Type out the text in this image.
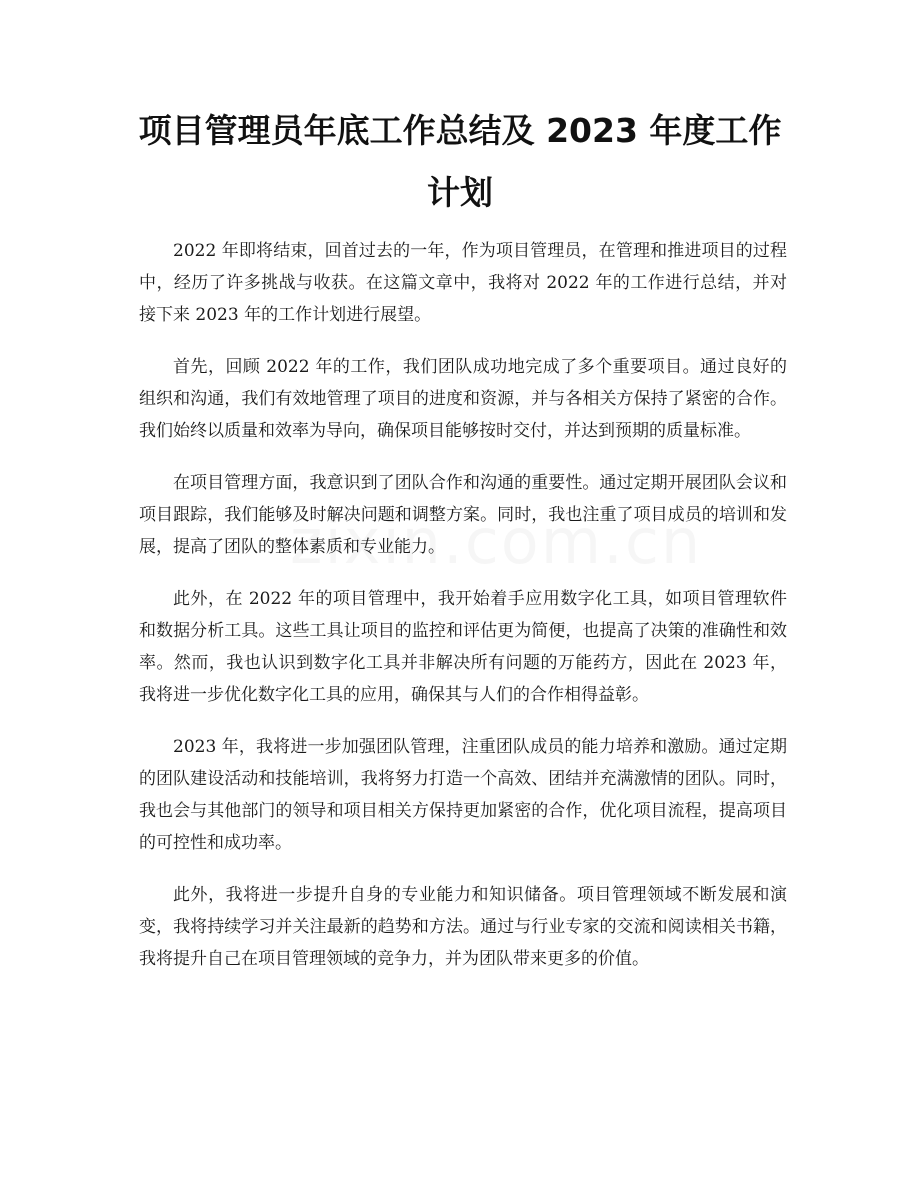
项目管理员年底工作总结及 2023 年度工作计划

2022 年即将结束，回首过去的一年，作为项目管理员，在管理和推进项目的过程中，经历了许多挑战与收获。在这篇文章中，我将对 2022 年的工作进行总结，并对接下来 2023 年的工作计划进行展望。

首先，回顾 2022 年的工作，我们团队成功地完成了多个重要项目。通过良好的组织和沟通，我们有效地管理了项目的进度和资源，并与各相关方保持了紧密的合作。我们始终以质量和效率为导向，确保项目能够按时交付，并达到预期的质量标准。

在项目管理方面，我意识到了团队合作和沟通的重要性。通过定期开展团队会议和项目跟踪，我们能够及时解决问题和调整方案。同时，我也注重了项目成员的培训和发展，提高了团队的整体素质和专业能力。

此外，在 2022 年的项目管理中，我开始着手应用数字化工具，如项目管理软件和数据分析工具。这些工具让项目的监控和评估更为简便，也提高了决策的准确性和效率。然而，我也认识到数字化工具并非解决所有问题的万能药方，因此在 2023 年，我将进一步优化数字化工具的应用，确保其与人们的合作相得益彰。

2023 年，我将进一步加强团队管理，注重团队成员的能力培养和激励。通过定期的团队建设活动和技能培训，我将努力打造一个高效、团结并充满激情的团队。同时，我也会与其他部门的领导和项目相关方保持更加紧密的合作，优化项目流程，提高项目的可控性和成功率。

此外，我将进一步提升自身的专业能力和知识储备。项目管理领域不断发展和演变，我将持续学习并关注最新的趋势和方法。通过与行业专家的交流和阅读相关书籍，我将提升自己在项目管理领域的竞争力，并为团队带来更多的价值。
